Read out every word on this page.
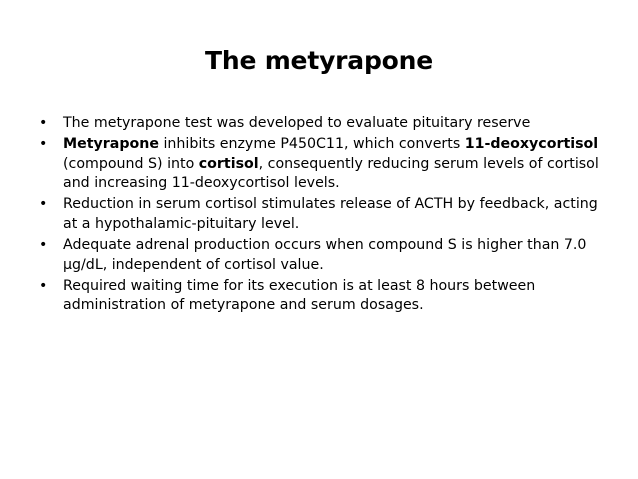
The metyrapone
•	The metyrapone test was developed to evaluate pituitary reserve
•	Metyrapone inhibits enzyme P450C11, which converts 11-deoxycortisol (compound S) into cortisol, consequently reducing serum levels of cortisol and increasing 11-deoxycortisol levels.
•	Reduction in serum cortisol stimulates release of ACTH by feedback, acting at a hypothalamic-pituitary level.
•	Adequate adrenal production occurs when compound S is higher than 7.0 µg/dL, independent of cortisol value.
•	Required waiting time for its execution is at least 8 hours between administration of metyrapone and serum dosages.
